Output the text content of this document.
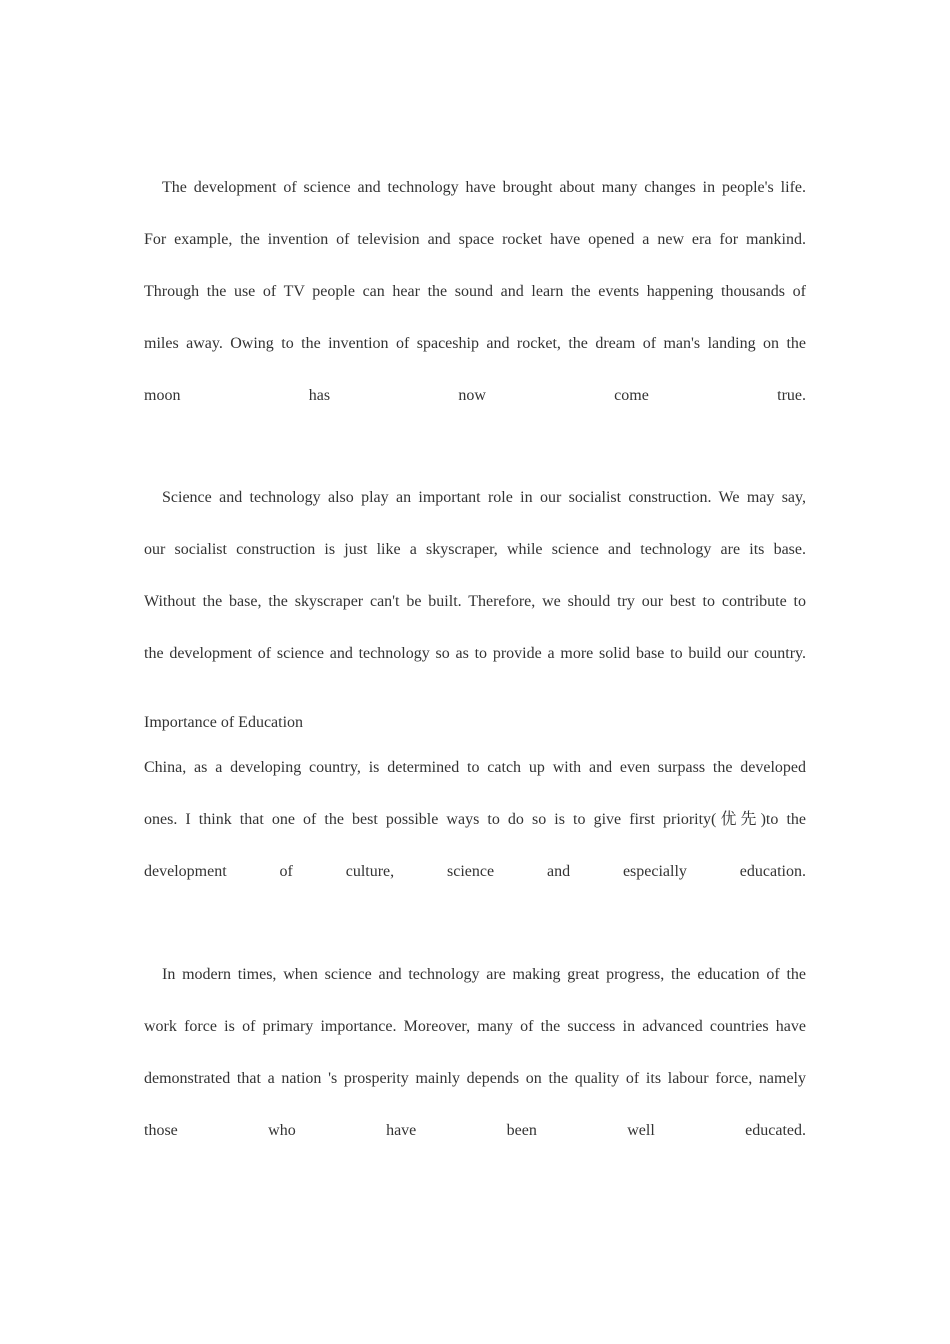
The development of science and technology have brought about many changes in people's life.
For example, the invention of television and space rocket have opened a new era for mankind.
Through the use of TV people can hear the sound and learn the events happening thousands of
miles away. Owing to the invention of spaceship and rocket, the dream of man's landing on the
moon has now come true.
Science and technology also play an important role in our socialist construction. We may say,
our socialist construction is just like a skyscraper, while science and technology are its base.
Without the base, the skyscraper can't be built. Therefore, we should try our best to contribute to
the development of science and technology so as to provide a more solid base to build our country.
Importance of Education
China, as a developing country, is determined to catch up with and even surpass the developed
ones. I think that one of the best possible ways to do so is to give first priority(优先)to the
development of culture, science and especially education.
In modern times, when science and technology are making great progress, the education of the
work force is of primary importance. Moreover, many of the success in advanced countries have
demonstrated that a nation 's prosperity mainly depends on the quality of its labour force, namely
those who have been well educated.
